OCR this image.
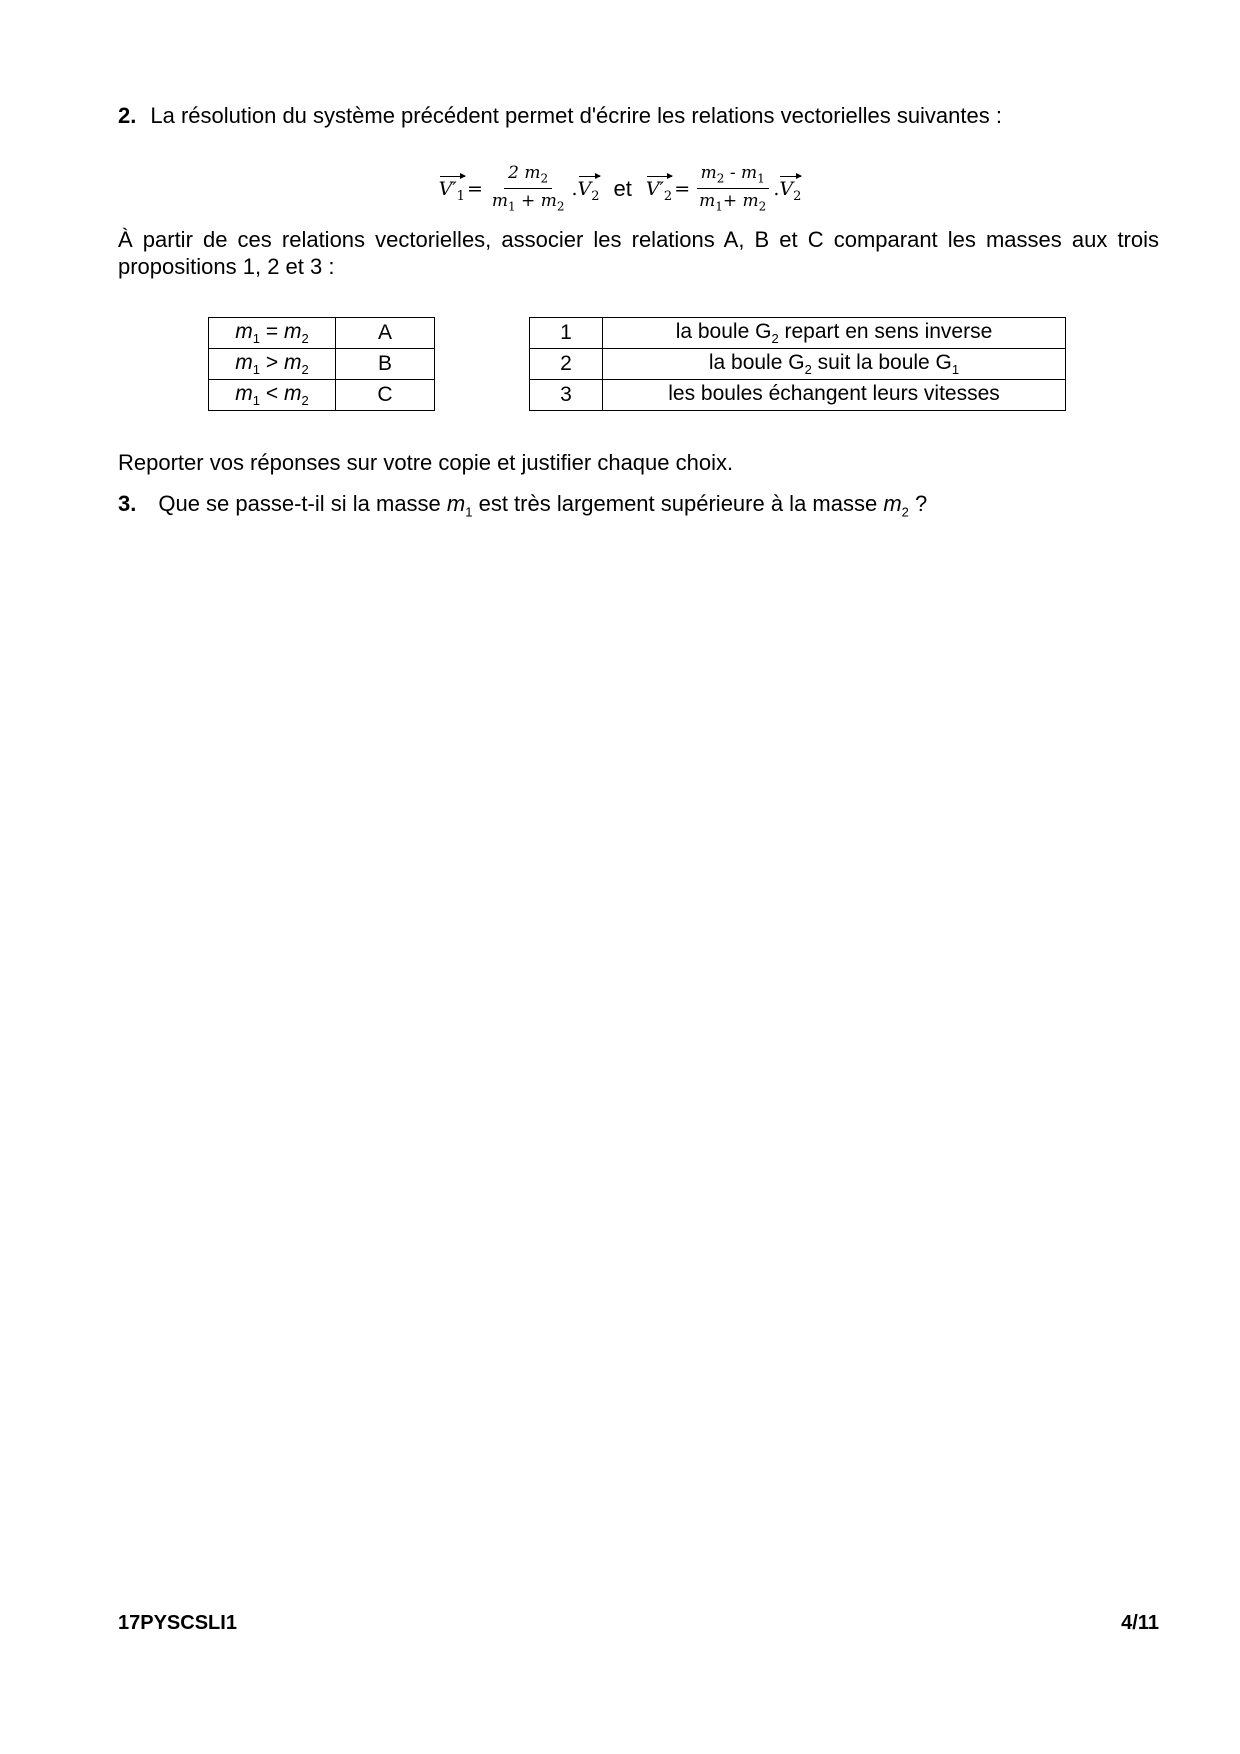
2. La résolution du système précédent permet d'écrire les relations vectorielles suivantes :
$V'_1 = \frac{2 m_2}{m_1 + m_2}$ . $V_2$ et $V'_2 = \frac{m_2 - m_1}{m_1+ m_2}$ . $V_2$
À partir de ces relations vectorielles, associer les relations A, B et C comparant les masses aux trois propositions 1, 2 et 3 :
$m_1 = m_2$	A
$m_1 > m_2$	B
$m_1 < m_2$	C
1	la boule $G_2$ repart en sens inverse
2	la boule $G_2$ suit la boule $G_1$
3	les boules échangent leurs vitesses
Reporter vos réponses sur votre copie et justifier chaque choix.
3. Que se passe-t-il si la masse $m_1$ est très largement supérieure à la masse $m_2$ ?
17PYSCSLI1	4/11
